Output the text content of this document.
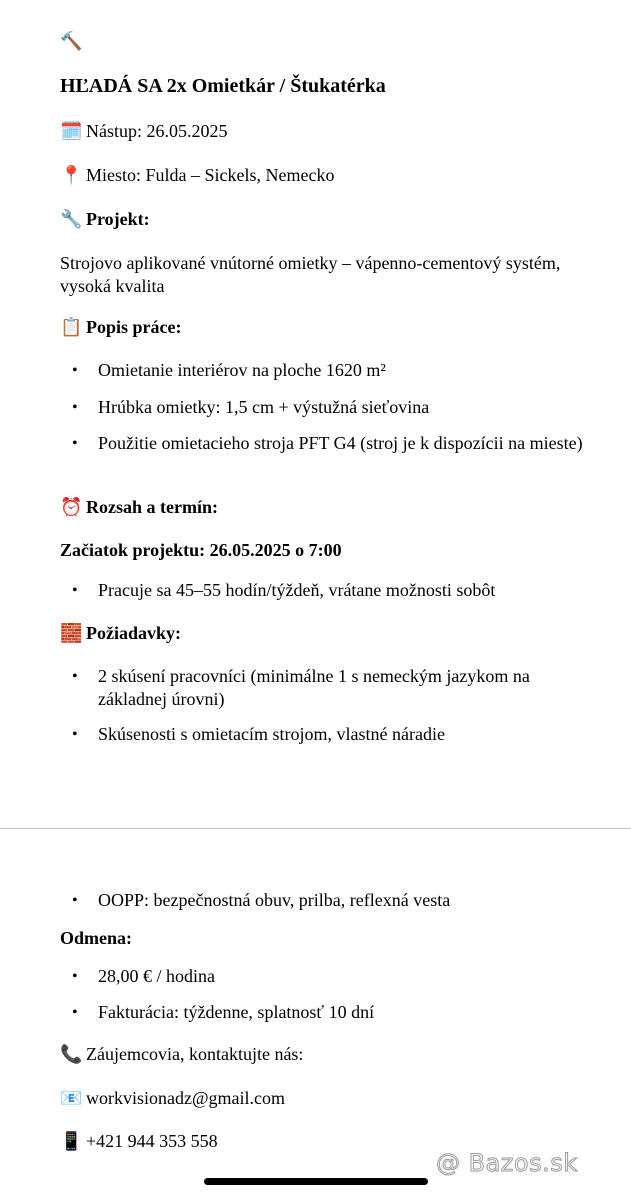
🔨
HĽADÁ SA 2x Omietkár / Štukatérka
🗓️ Nástup: 26.05.2025
📍 Miesto: Fulda – Sickels, Nemecko
🔧 Projekt:
Strojovo aplikované vnútorné omietky – vápenno-cementový systém, vysoká kvalita
📋 Popis práce:
• Omietanie interiérov na ploche 1620 m²
• Hrúbka omietky: 1,5 cm + výstužná sieťovina
• Použitie omietacieho stroja PFT G4 (stroj je k dispozícii na mieste)
⏰ Rozsah a termín:
Začiatok projektu: 26.05.2025 o 7:00
• Pracuje sa 45–55 hodín/týždeň, vrátane možnosti sobôt
🧱 Požiadavky:
• 2 skúsení pracovníci (minimálne 1 s nemeckým jazykom na základnej úrovni)
• Skúsenosti s omietacím strojom, vlastné náradie
• OOPP: bezpečnostná obuv, prilba, reflexná vesta
Odmena:
• 28,00 € / hodina
• Fakturácia: týždenne, splatnosť 10 dní
📞 Záujemcovia, kontaktujte nás:
📧 workvisionadz@gmail.com
📱 +421 944 353 558
@ Bazos.sk
